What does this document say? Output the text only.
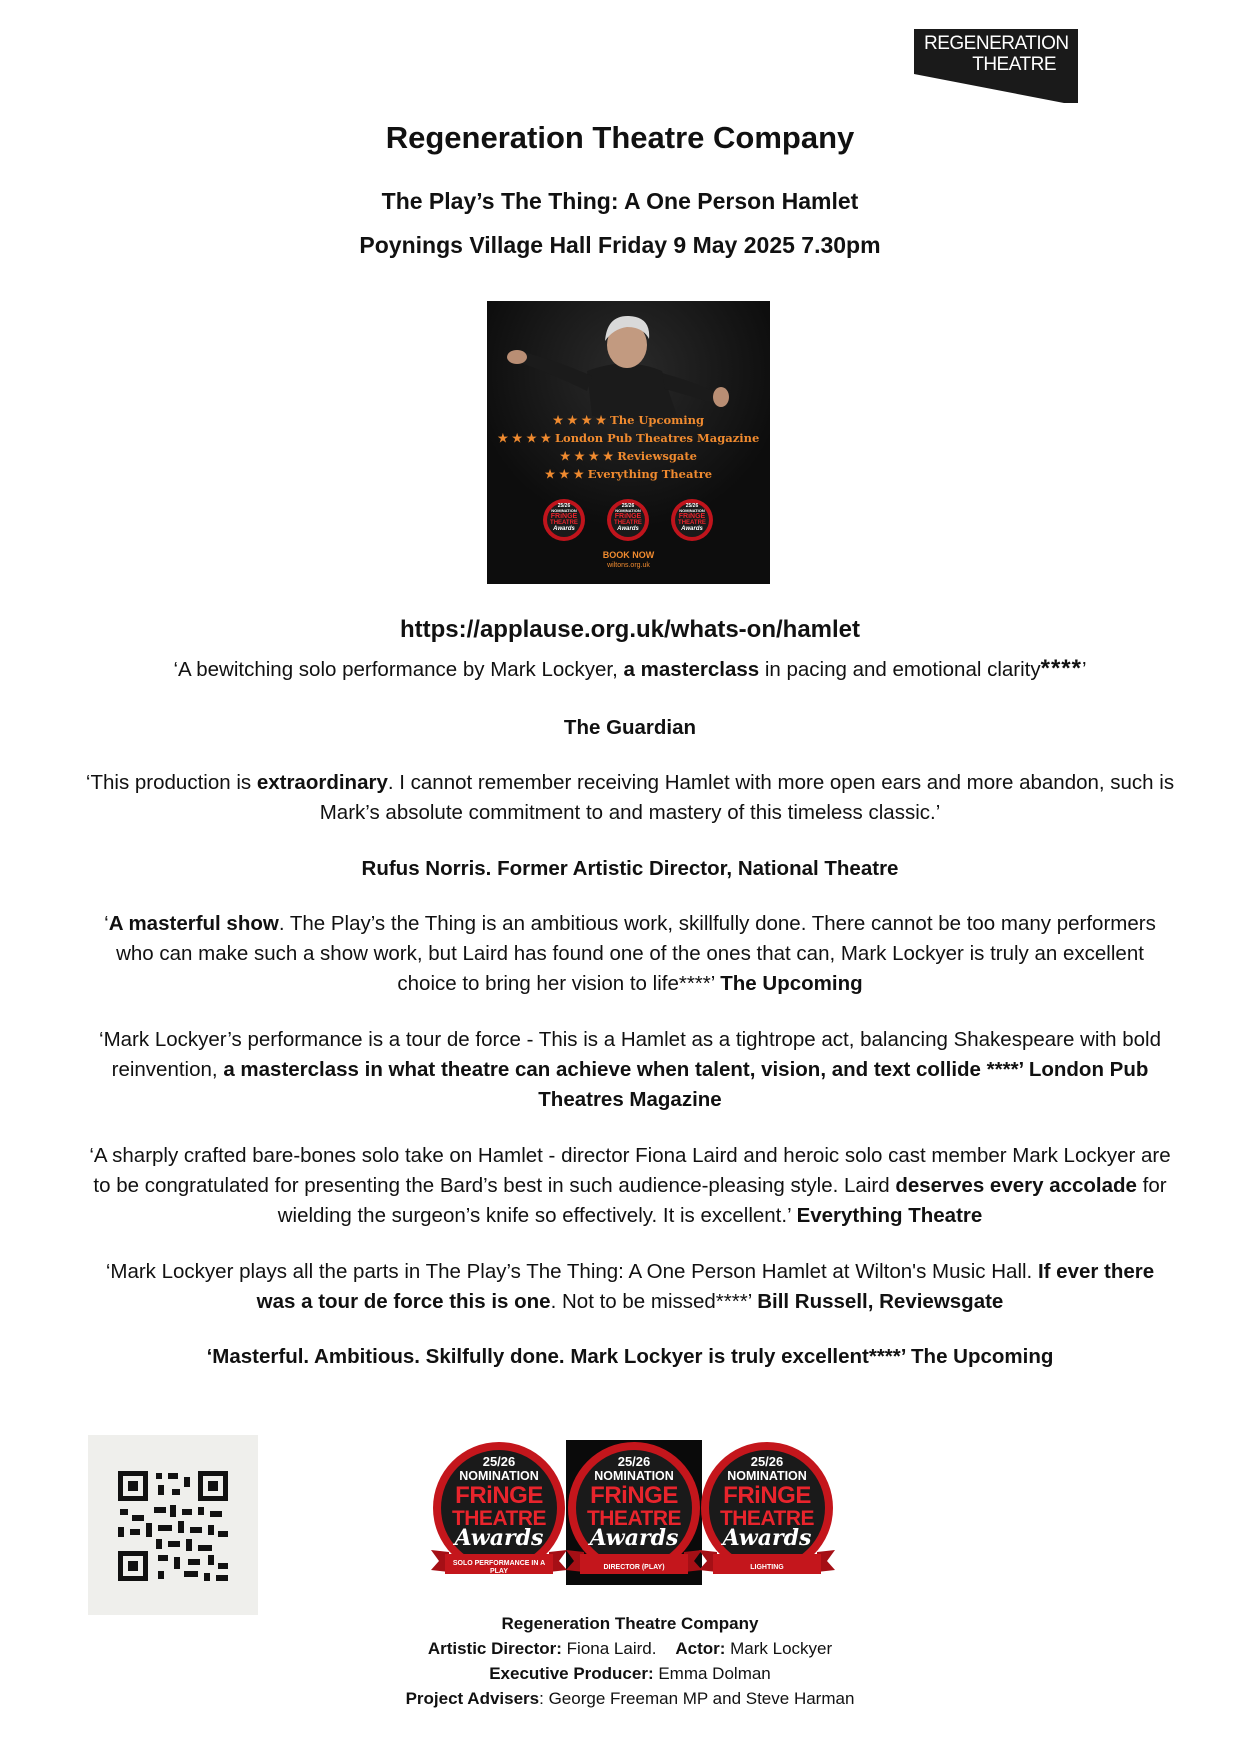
REGENERATION
THEATRE
Regeneration Theatre Company
The Play’s The Thing: A One Person Hamlet
Poynings Village Hall Friday 9 May 2025 7.30pm
★ ★ ★ ★ The Upcoming
★ ★ ★ ★ London Pub Theatres Magazine
★ ★ ★ ★ Reviewsgate
★ ★ ★ Everything Theatre
25/26
NOMINATION
FRiNGE
THEATRE
Awards
25/26
NOMINATION
FRiNGE
THEATRE
Awards
25/26
NOMINATION
FRiNGE
THEATRE
Awards
BOOK NOW
wiltons.org.uk
https://applause.org.uk/whats-on/hamlet
‘A bewitching solo performance by Mark Lockyer, a masterclass in pacing and emotional clarity****’
The Guardian
‘This production is extraordinary. I cannot remember receiving Hamlet with more open ears and more abandon, such is Mark’s absolute commitment to and mastery of this timeless classic.’
Rufus Norris. Former Artistic Director, National Theatre
‘A masterful show. The Play’s the Thing is an ambitious work, skillfully done. There cannot be too many performers who can make such a show work, but Laird has found one of the ones that can, Mark Lockyer is truly an excellent choice to bring her vision to life****’ The Upcoming
‘Mark Lockyer’s performance is a tour de force - This is a Hamlet as a tightrope act, balancing Shakespeare with bold reinvention, a masterclass in what theatre can achieve when talent, vision, and text collide ****’ London Pub Theatres Magazine
‘A sharply crafted bare-bones solo take on Hamlet - director Fiona Laird and heroic solo cast member Mark Lockyer are to be congratulated for presenting the Bard’s best in such audience-pleasing style. Laird deserves every accolade for wielding the surgeon’s knife so effectively. It is excellent.’ Everything Theatre
‘Mark Lockyer plays all the parts in The Play’s The Thing: A One Person Hamlet at Wilton's Music Hall. If ever there was a tour de force this is one. Not to be missed****’ Bill Russell, Reviewsgate
‘Masterful. Ambitious. Skilfully done. Mark Lockyer is truly excellent****’ The Upcoming
25/26
NOMINATION
FRiNGE
THEATRE
Awards
SOLO PERFORMANCE IN A PLAY
25/26
NOMINATION
FRiNGE
THEATRE
Awards
DIRECTOR (PLAY)
25/26
NOMINATION
FRiNGE
THEATRE
Awards
LIGHTING
Regeneration Theatre Company
Artistic Director: Fiona Laird. Actor: Mark Lockyer
Executive Producer: Emma Dolman
Project Advisers: George Freeman MP and Steve Harman
